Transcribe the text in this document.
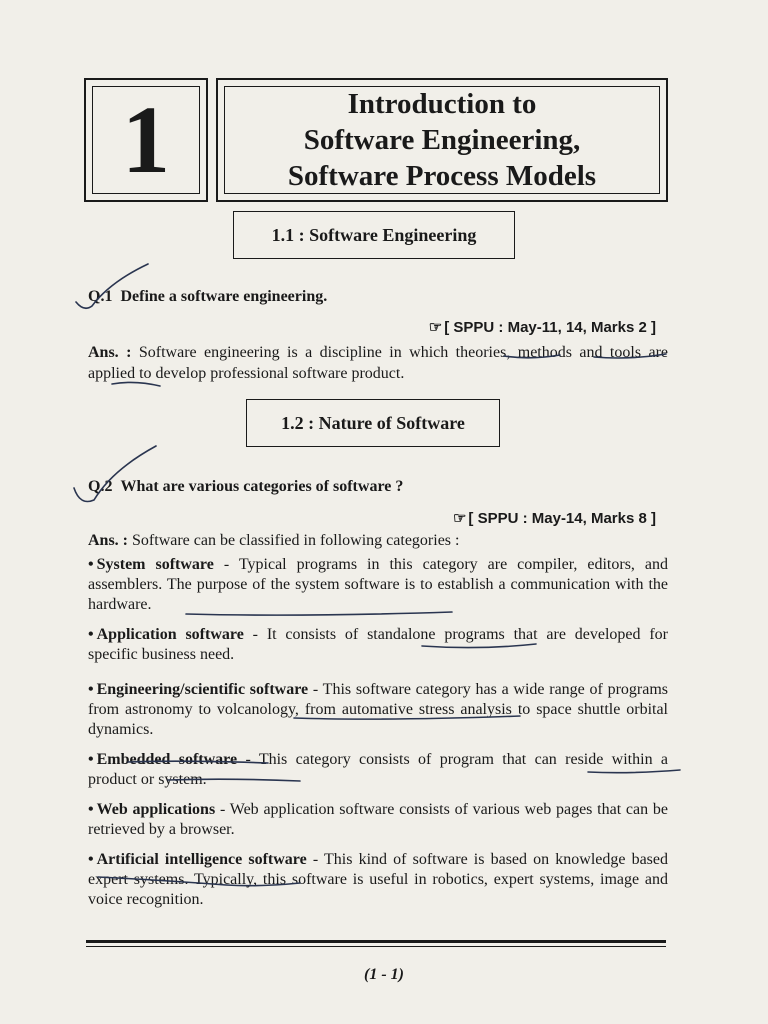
1	Introduction to
Software Engineering,
Software Process Models
1.1 : Software Engineering
Q.1 Define a software engineering.
☞ [ SPPU : May-11, 14, Marks 2 ]
Ans. : Software engineering is a discipline in which theories, methods and tools are applied to develop professional software product.
1.2 : Nature of Software
Q.2 What are various categories of software ?
☞ [ SPPU : May-14, Marks 8 ]
Ans. : Software can be classified in following categories :
• System software - Typical programs in this category are compiler, editors, and assemblers. The purpose of the system software is to establish a communication with the hardware.
• Application software - It consists of standalone programs that are developed for specific business need.
• Engineering/scientific software - This software category has a wide range of programs from astronomy to volcanology, from automative stress analysis to space shuttle orbital dynamics.
• Embedded software - This category consists of program that can reside within a product or system.
• Web applications - Web application software consists of various web pages that can be retrieved by a browser.
• Artificial intelligence software - This kind of software is based on knowledge based expert systems. Typically, this software is useful in robotics, expert systems, image and voice recognition.
(1 - 1)
